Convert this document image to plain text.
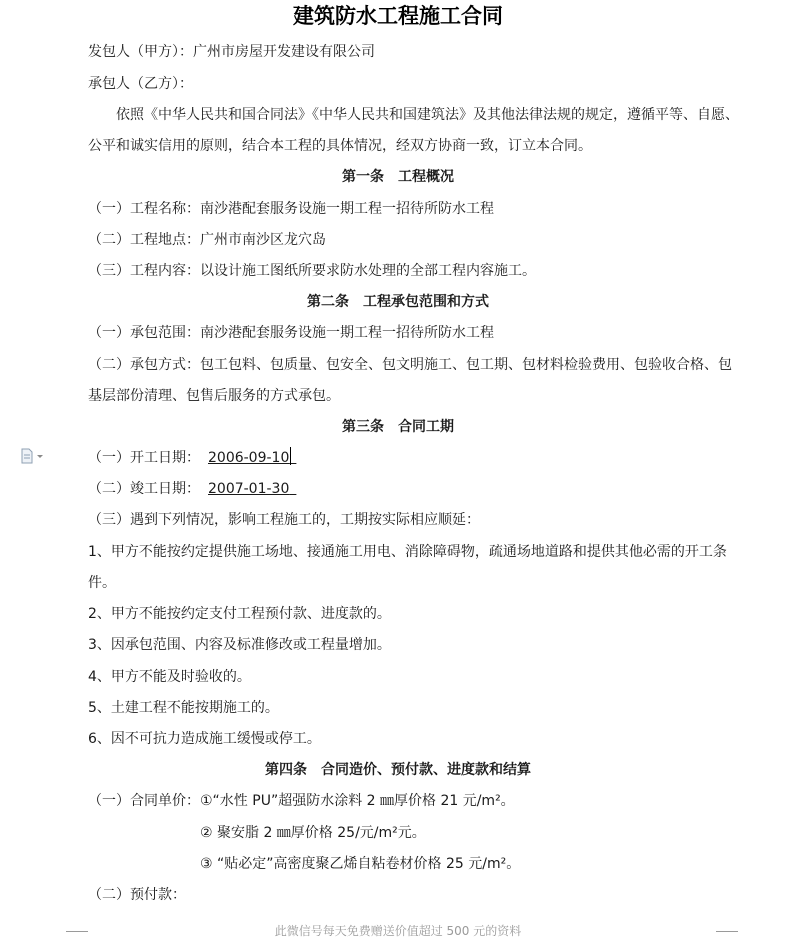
建筑防水工程施工合同
发包人（甲方）：广州市房屋开发建设有限公司
承包人（乙方）：
依照《中华人民共和国合同法》《中华人民共和国建筑法》及其他法律法规的规定，遵循平等、自愿、
公平和诚实信用的原则，结合本工程的具体情况，经双方协商一致，订立本合同。
第一条　工程概况
（一）工程名称：南沙港配套服务设施一期工程一招待所防水工程
（二）工程地点：广州市南沙区龙穴岛
（三）工程内容：以设计施工图纸所要求防水处理的全部工程内容施工。
第二条　工程承包范围和方式
（一）承包范围：南沙港配套服务设施一期工程一招待所防水工程
（二）承包方式：包工包料、包质量、包安全、包文明施工、包工期、包材料检验费用、包验收合格、包
基层部份清理、包售后服务的方式承包。
第三条　合同工期
（一）开工日期： 2006-09-10 
（二）竣工日期： 2007-01-30 
（三）遇到下列情况，影响工程施工的，工期按实际相应顺延：
1、甲方不能按约定提供施工场地、接通施工用电、消除障碍物，疏通场地道路和提供其他必需的开工条
件。
2、甲方不能按约定支付工程预付款、进度款的。
3、因承包范围、内容及标准修改或工程量增加。
4、甲方不能及时验收的。
5、土建工程不能按期施工的。
6、因不可抗力造成施工缓慢或停工。
第四条　合同造价、预付款、进度款和结算
（一）合同单价： ①“水性 PU”超强防水涂料 2 ㎜厚价格 21 元/m²。
② 聚安脂 2 ㎜厚价格 25/元/m²元。
③ “贴必定”高密度聚乙烯自粘卷材价格 25 元/m²。
（二）预付款：
此微信号每天免费赠送价值超过 500 元的资料
